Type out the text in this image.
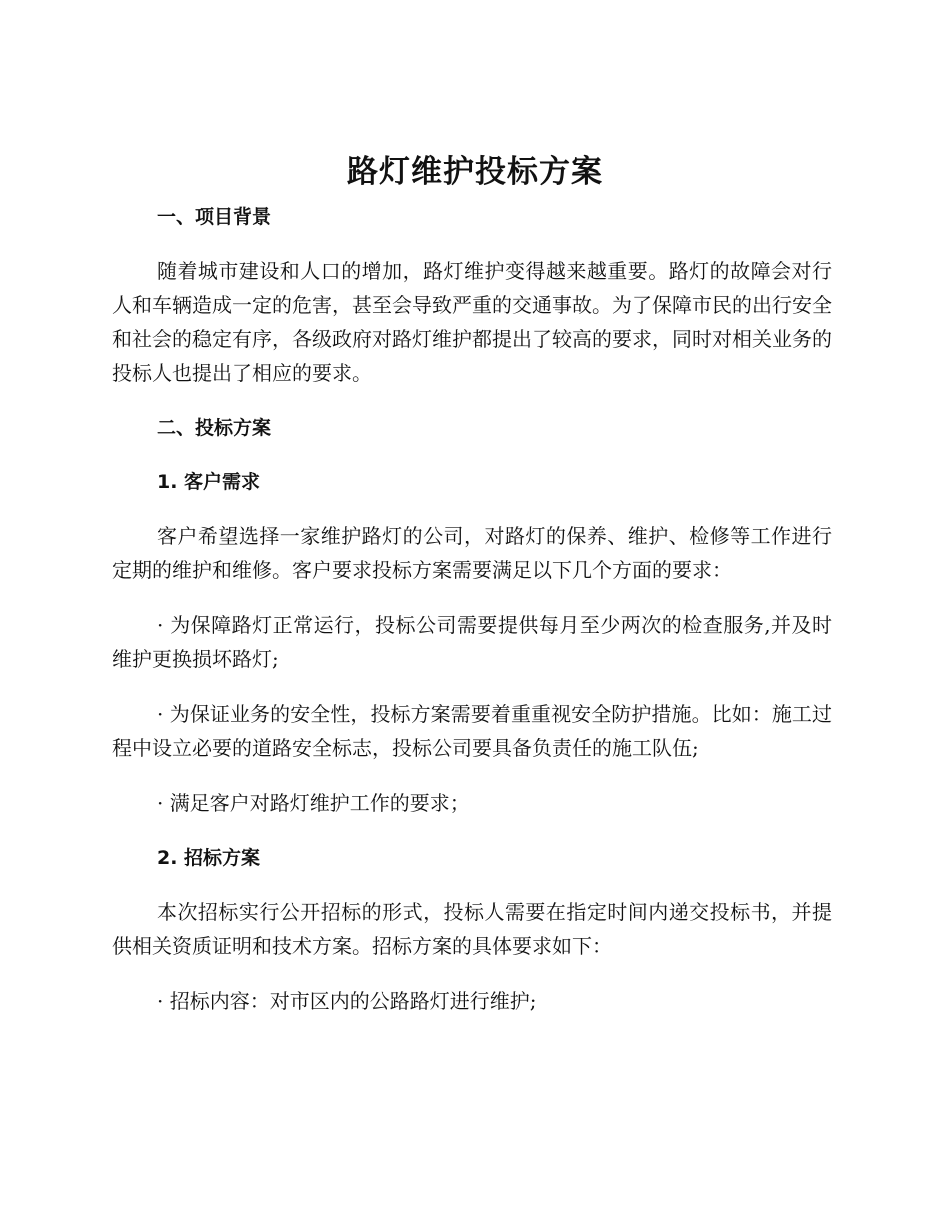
路灯维护投标方案

一、项目背景

随着城市建设和人口的增加，路灯维护变得越来越重要。路灯的故障会对行人和车辆造成一定的危害，甚至会导致严重的交通事故。为了保障市民的出行安全和社会的稳定有序，各级政府对路灯维护都提出了较高的要求，同时对相关业务的投标人也提出了相应的要求。

二、投标方案

1. 客户需求

客户希望选择一家维护路灯的公司，对路灯的保养、维护、检修等工作进行定期的维护和维修。客户要求投标方案需要满足以下几个方面的要求：

· 为保障路灯正常运行，投标公司需要提供每月至少两次的检查服务,并及时维护更换损坏路灯;

· 为保证业务的安全性，投标方案需要着重重视安全防护措施。比如：施工过程中设立必要的道路安全标志，投标公司要具备负责任的施工队伍;

· 满足客户对路灯维护工作的要求；

2. 招标方案

本次招标实行公开招标的形式，投标人需要在指定时间内递交投标书，并提供相关资质证明和技术方案。招标方案的具体要求如下：

· 招标内容：对市区内的公路路灯进行维护;
